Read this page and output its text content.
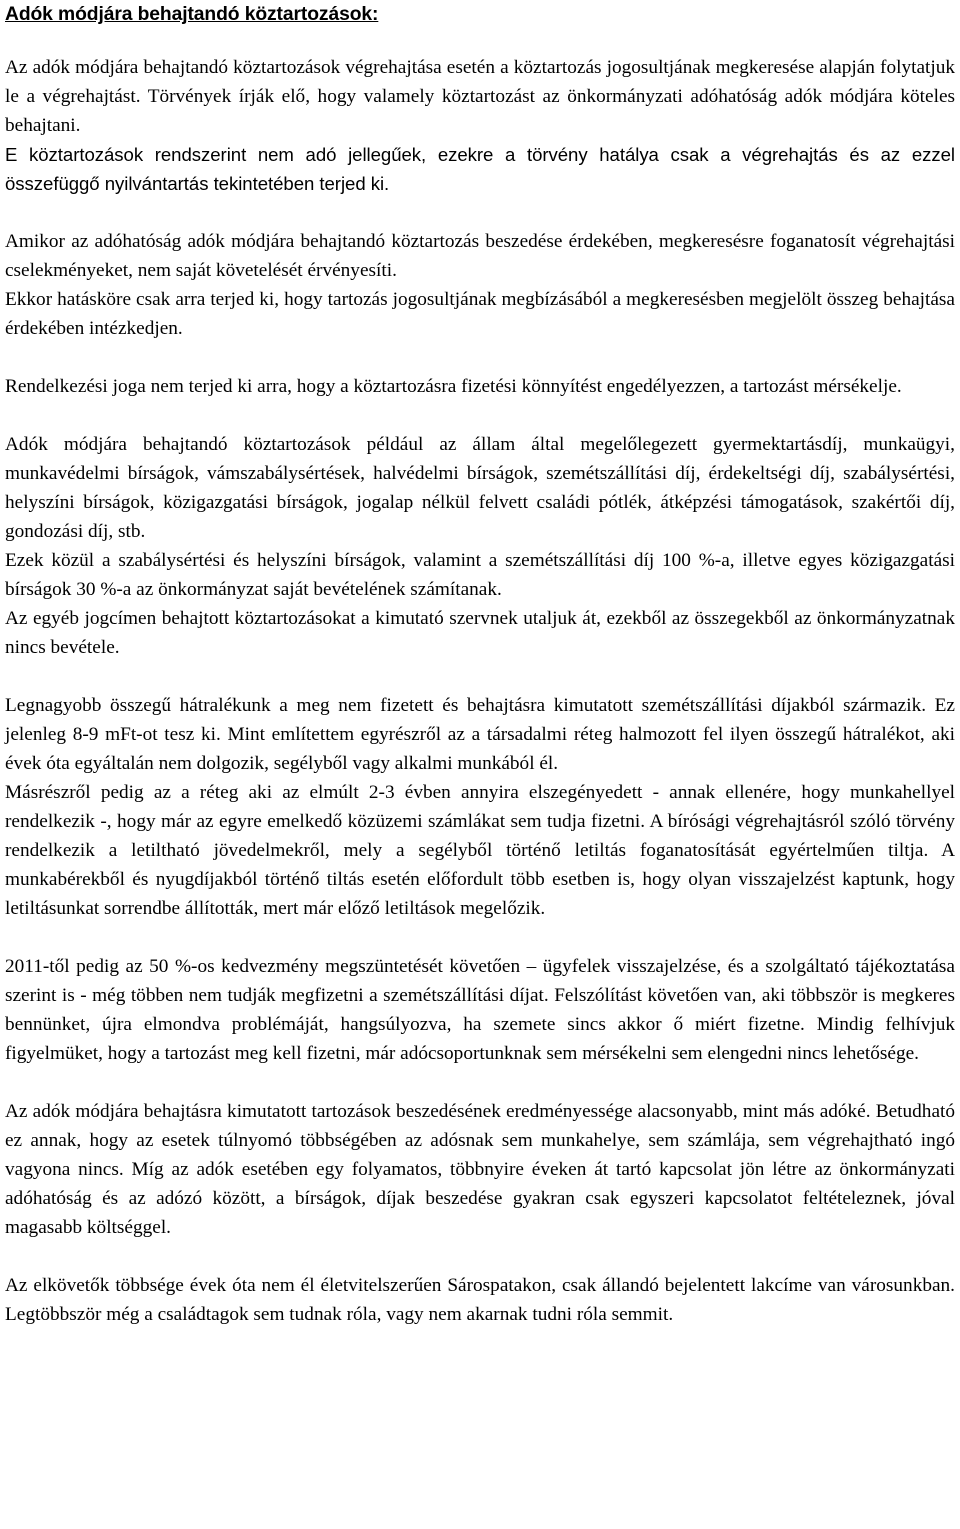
Adók módjára behajtandó köztartozások:

Az adók módjára behajtandó köztartozások végrehajtása esetén a köztartozás jogosultjának megkeresése alapján folytatjuk le a végrehajtást. Törvények írják elő, hogy valamely köztartozást az önkormányzati adóhatóság adók módjára köteles behajtani.

E köztartozások rendszerint nem adó jellegűek, ezekre a törvény hatálya csak a végrehajtás és az ezzel összefüggő nyilvántartás tekintetében terjed ki.

Amikor az adóhatóság adók módjára behajtandó köztartozás beszedése érdekében, megkeresésre foganatosít végrehajtási cselekményeket, nem saját követelését érvényesíti.

Ekkor hatásköre csak arra terjed ki, hogy tartozás jogosultjának megbízásából a megkeresésben megjelölt összeg behajtása érdekében intézkedjen.

Rendelkezési joga nem terjed ki arra, hogy a köztartozásra fizetési könnyítést engedélyezzen, a tartozást mérsékelje.

Adók módjára behajtandó köztartozások például az állam által megelőlegezett gyermektartásdíj, munkaügyi, munkavédelmi bírságok, vámszabálysértések, halvédelmi bírságok, szemétszállítási díj, érdekeltségi díj, szabálysértési, helyszíni bírságok, közigazgatási bírságok, jogalap nélkül felvett családi pótlék, átképzési támogatások, szakértői díj, gondozási díj, stb.

Ezek közül a szabálysértési és helyszíni bírságok, valamint a szemétszállítási díj 100 %-a, illetve egyes közigazgatási bírságok 30 %-a az önkormányzat saját bevételének számítanak.

Az egyéb jogcímen behajtott köztartozásokat a kimutató szervnek utaljuk át, ezekből az összegekből az önkormányzatnak nincs bevétele.

Legnagyobb összegű hátralékunk a meg nem fizetett és behajtásra kimutatott szemétszállítási díjakból származik. Ez jelenleg 8-9 mFt-ot tesz ki. Mint említettem egyrészről az a társadalmi réteg halmozott fel ilyen összegű hátralékot, aki évek óta egyáltalán nem dolgozik, segélyből vagy alkalmi munkából él.

Másrészről pedig az a réteg aki az elmúlt 2-3 évben annyira elszegényedett - annak ellenére, hogy munkahellyel rendelkezik -, hogy már az egyre emelkedő közüzemi számlákat sem tudja fizetni. A bírósági végrehajtásról szóló törvény rendelkezik a letiltható jövedelmekről, mely a segélyből történő letiltás foganatosítását egyértelműen tiltja. A munkabérekből és nyugdíjakból történő tiltás esetén előfordult több esetben is, hogy olyan visszajelzést kaptunk, hogy letiltásunkat sorrendbe állították, mert már előző letiltások megelőzik.

2011-től pedig az 50 %-os kedvezmény megszüntetését követően – ügyfelek visszajelzése, és a szolgáltató tájékoztatása szerint is - még többen nem tudják megfizetni a szemétszállítási díjat. Felszólítást követően van, aki többször is megkeres bennünket, újra elmondva problémáját, hangsúlyozva, ha szemete sincs akkor ő miért fizetne. Mindig felhívjuk figyelmüket, hogy a tartozást meg kell fizetni, már adócsoportunknak sem mérsékelni sem elengedni nincs lehetősége.

Az adók módjára behajtásra kimutatott tartozások beszedésének eredményessége alacsonyabb, mint más adóké. Betudható ez annak, hogy az esetek túlnyomó többségében az adósnak sem munkahelye, sem számlája, sem végrehajtható ingó vagyona nincs. Míg az adók esetében egy folyamatos, többnyire éveken át tartó kapcsolat jön létre az önkormányzati adóhatóság és az adózó között, a bírságok, díjak beszedése gyakran csak egyszeri kapcsolatot feltételeznek, jóval magasabb költséggel.

Az elkövetők többsége évek óta nem él életvitelszerűen Sárospatakon, csak állandó bejelentett lakcíme van városunkban. Legtöbbször még a családtagok sem tudnak róla, vagy nem akarnak tudni róla semmit.
